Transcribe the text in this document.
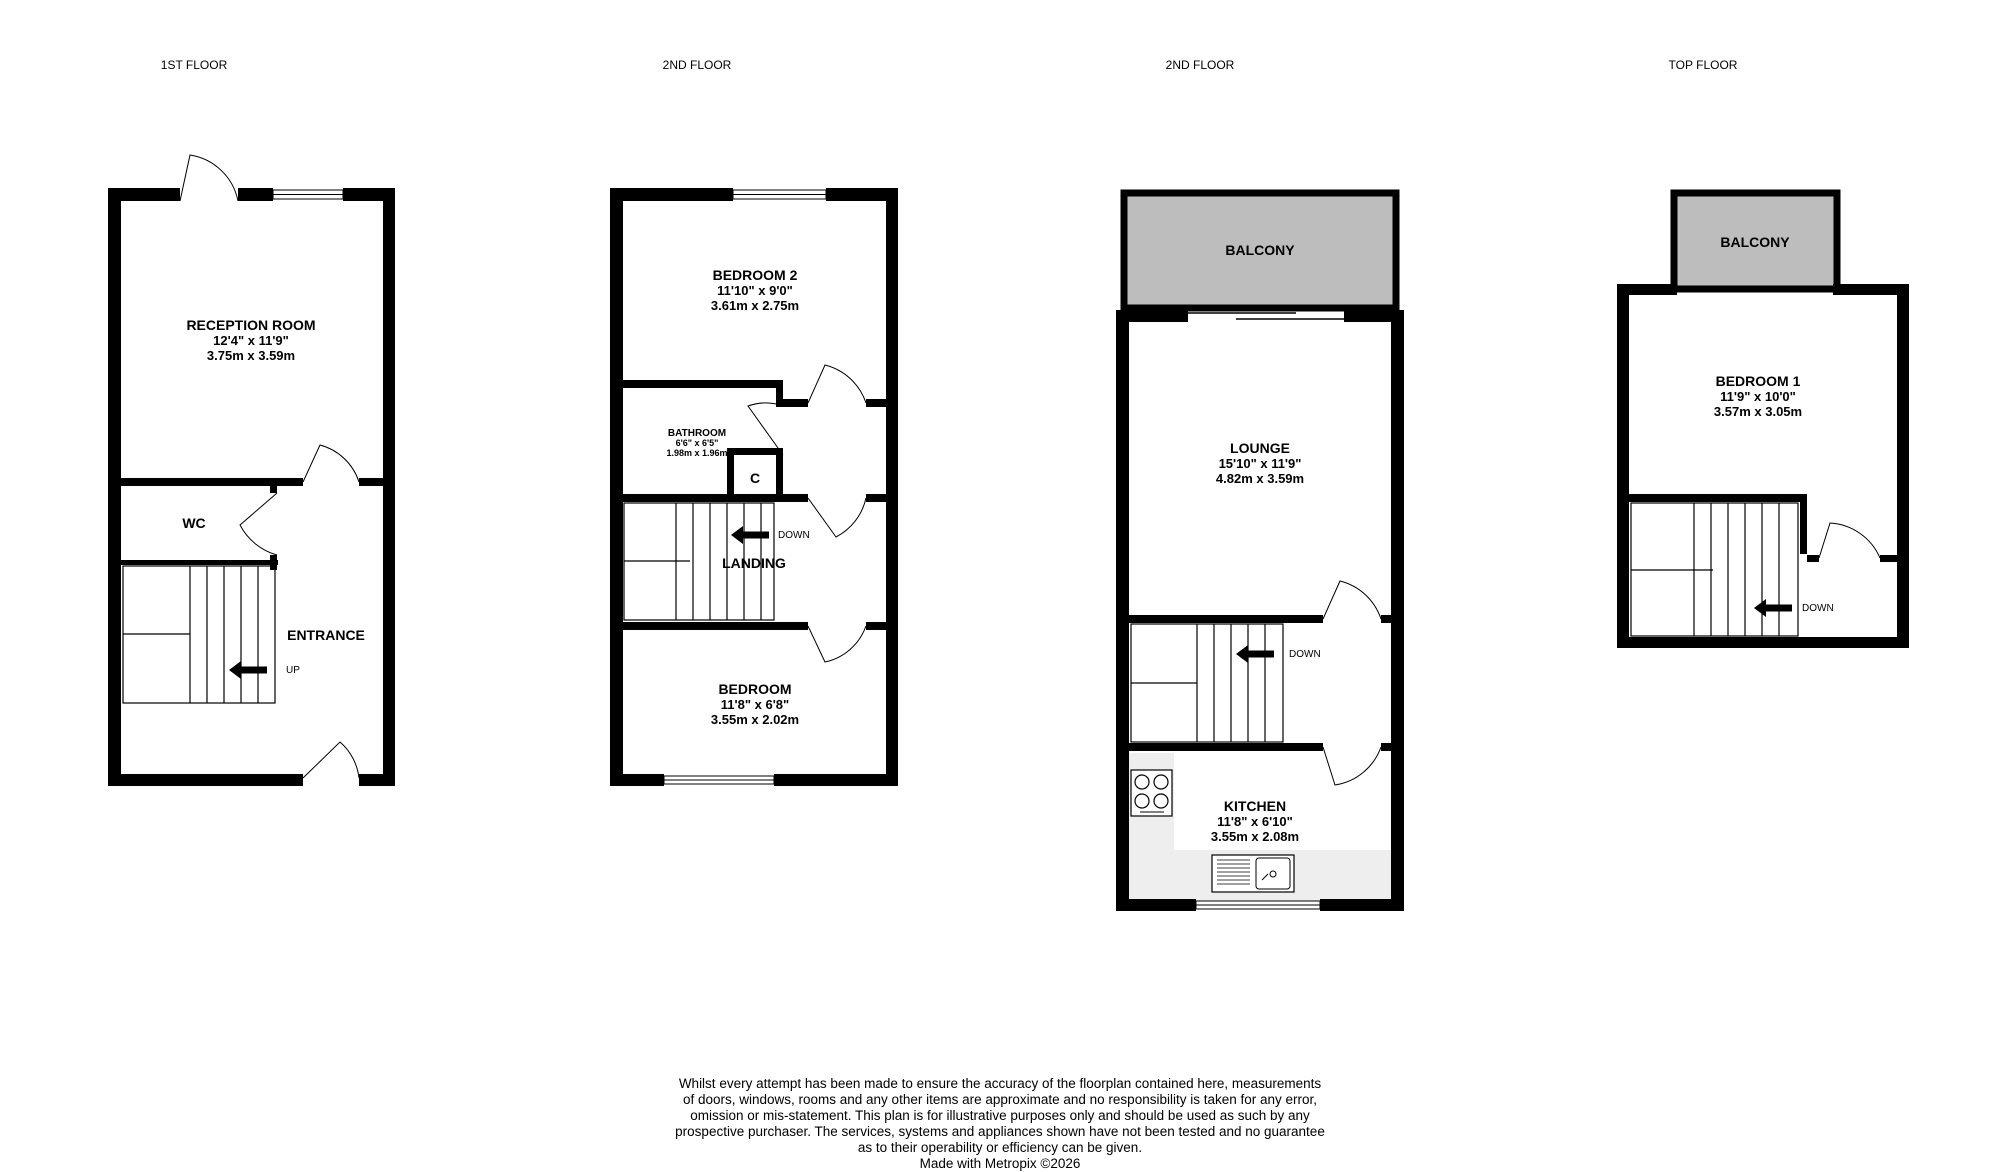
1ST FLOOR	2ND FLOOR	2ND FLOOR	TOP FLOOR
UP
RECEPTION ROOM
12'4" x 11'9"
3.75m x 3.59m
WC
ENTRANCE
DOWN
BEDROOM 2
11'10" x 9'0"
3.61m x 2.75m
BATHROOM
6'6" x 6'5"
1.98m x 1.96m
C
LANDING
BEDROOM
11'8" x 6'8"
3.55m x 2.02m
DOWN
BALCONY
LOUNGE
15'10" x 11'9"
4.82m x 3.59m
KITCHEN
11'8" x 6'10"
3.55m x 2.08m
DOWN
BALCONY
BEDROOM 1
11'9" x 10'0"
3.57m x 3.05m
Whilst every attempt has been made to ensure the accuracy of the floorplan contained here, measurements
of doors, windows, rooms and any other items are approximate and no responsibility is taken for any error,
omission or mis-statement. This plan is for illustrative purposes only and should be used as such by any
prospective purchaser. The services, systems and appliances shown have not been tested and no guarantee
as to their operability or efficiency can be given.
Made with Metropix ©2026
